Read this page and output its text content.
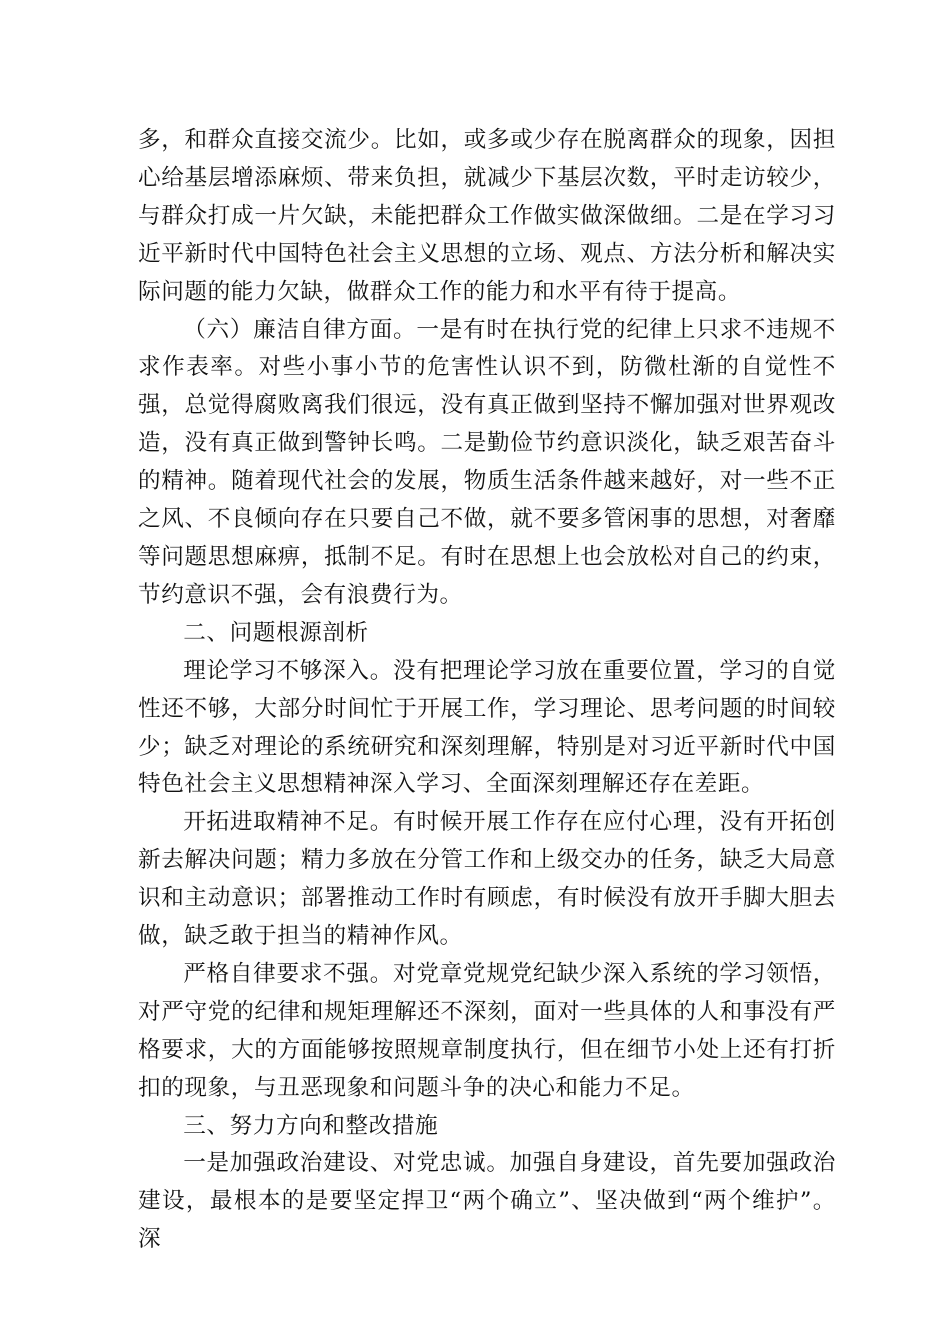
多，和群众直接交流少。比如，或多或少存在脱离群众的现象，因担心给基层增添麻烦、带来负担，就减少下基层次数，平时走访较少，与群众打成一片欠缺，未能把群众工作做实做深做细。二是在学习习近平新时代中国特色社会主义思想的立场、观点、方法分析和解决实际问题的能力欠缺，做群众工作的能力和水平有待于提高。

（六）廉洁自律方面。一是有时在执行党的纪律上只求不违规不求作表率。对些小事小节的危害性认识不到，防微杜渐的自觉性不强，总觉得腐败离我们很远，没有真正做到坚持不懈加强对世界观改造，没有真正做到警钟长鸣。二是勤俭节约意识淡化，缺乏艰苦奋斗的精神。随着现代社会的发展，物质生活条件越来越好，对一些不正之风、不良倾向存在只要自己不做，就不要多管闲事的思想，对奢靡等问题思想麻痹，抵制不足。有时在思想上也会放松对自己的约束，节约意识不强，会有浪费行为。

二、问题根源剖析

理论学习不够深入。没有把理论学习放在重要位置，学习的自觉性还不够，大部分时间忙于开展工作，学习理论、思考问题的时间较少；缺乏对理论的系统研究和深刻理解，特别是对习近平新时代中国特色社会主义思想精神深入学习、全面深刻理解还存在差距。

开拓进取精神不足。有时候开展工作存在应付心理，没有开拓创新去解决问题；精力多放在分管工作和上级交办的任务，缺乏大局意识和主动意识；部署推动工作时有顾虑，有时候没有放开手脚大胆去做，缺乏敢于担当的精神作风。

严格自律要求不强。对党章党规党纪缺少深入系统的学习领悟，对严守党的纪律和规矩理解还不深刻，面对一些具体的人和事没有严格要求，大的方面能够按照规章制度执行，但在细节小处上还有打折扣的现象，与丑恶现象和问题斗争的决心和能力不足。

三、努力方向和整改措施

一是加强政治建设、对党忠诚。加强自身建设，首先要加强政治建设，最根本的是要坚定捍卫“两个确立”、坚决做到“两个维护”。深
